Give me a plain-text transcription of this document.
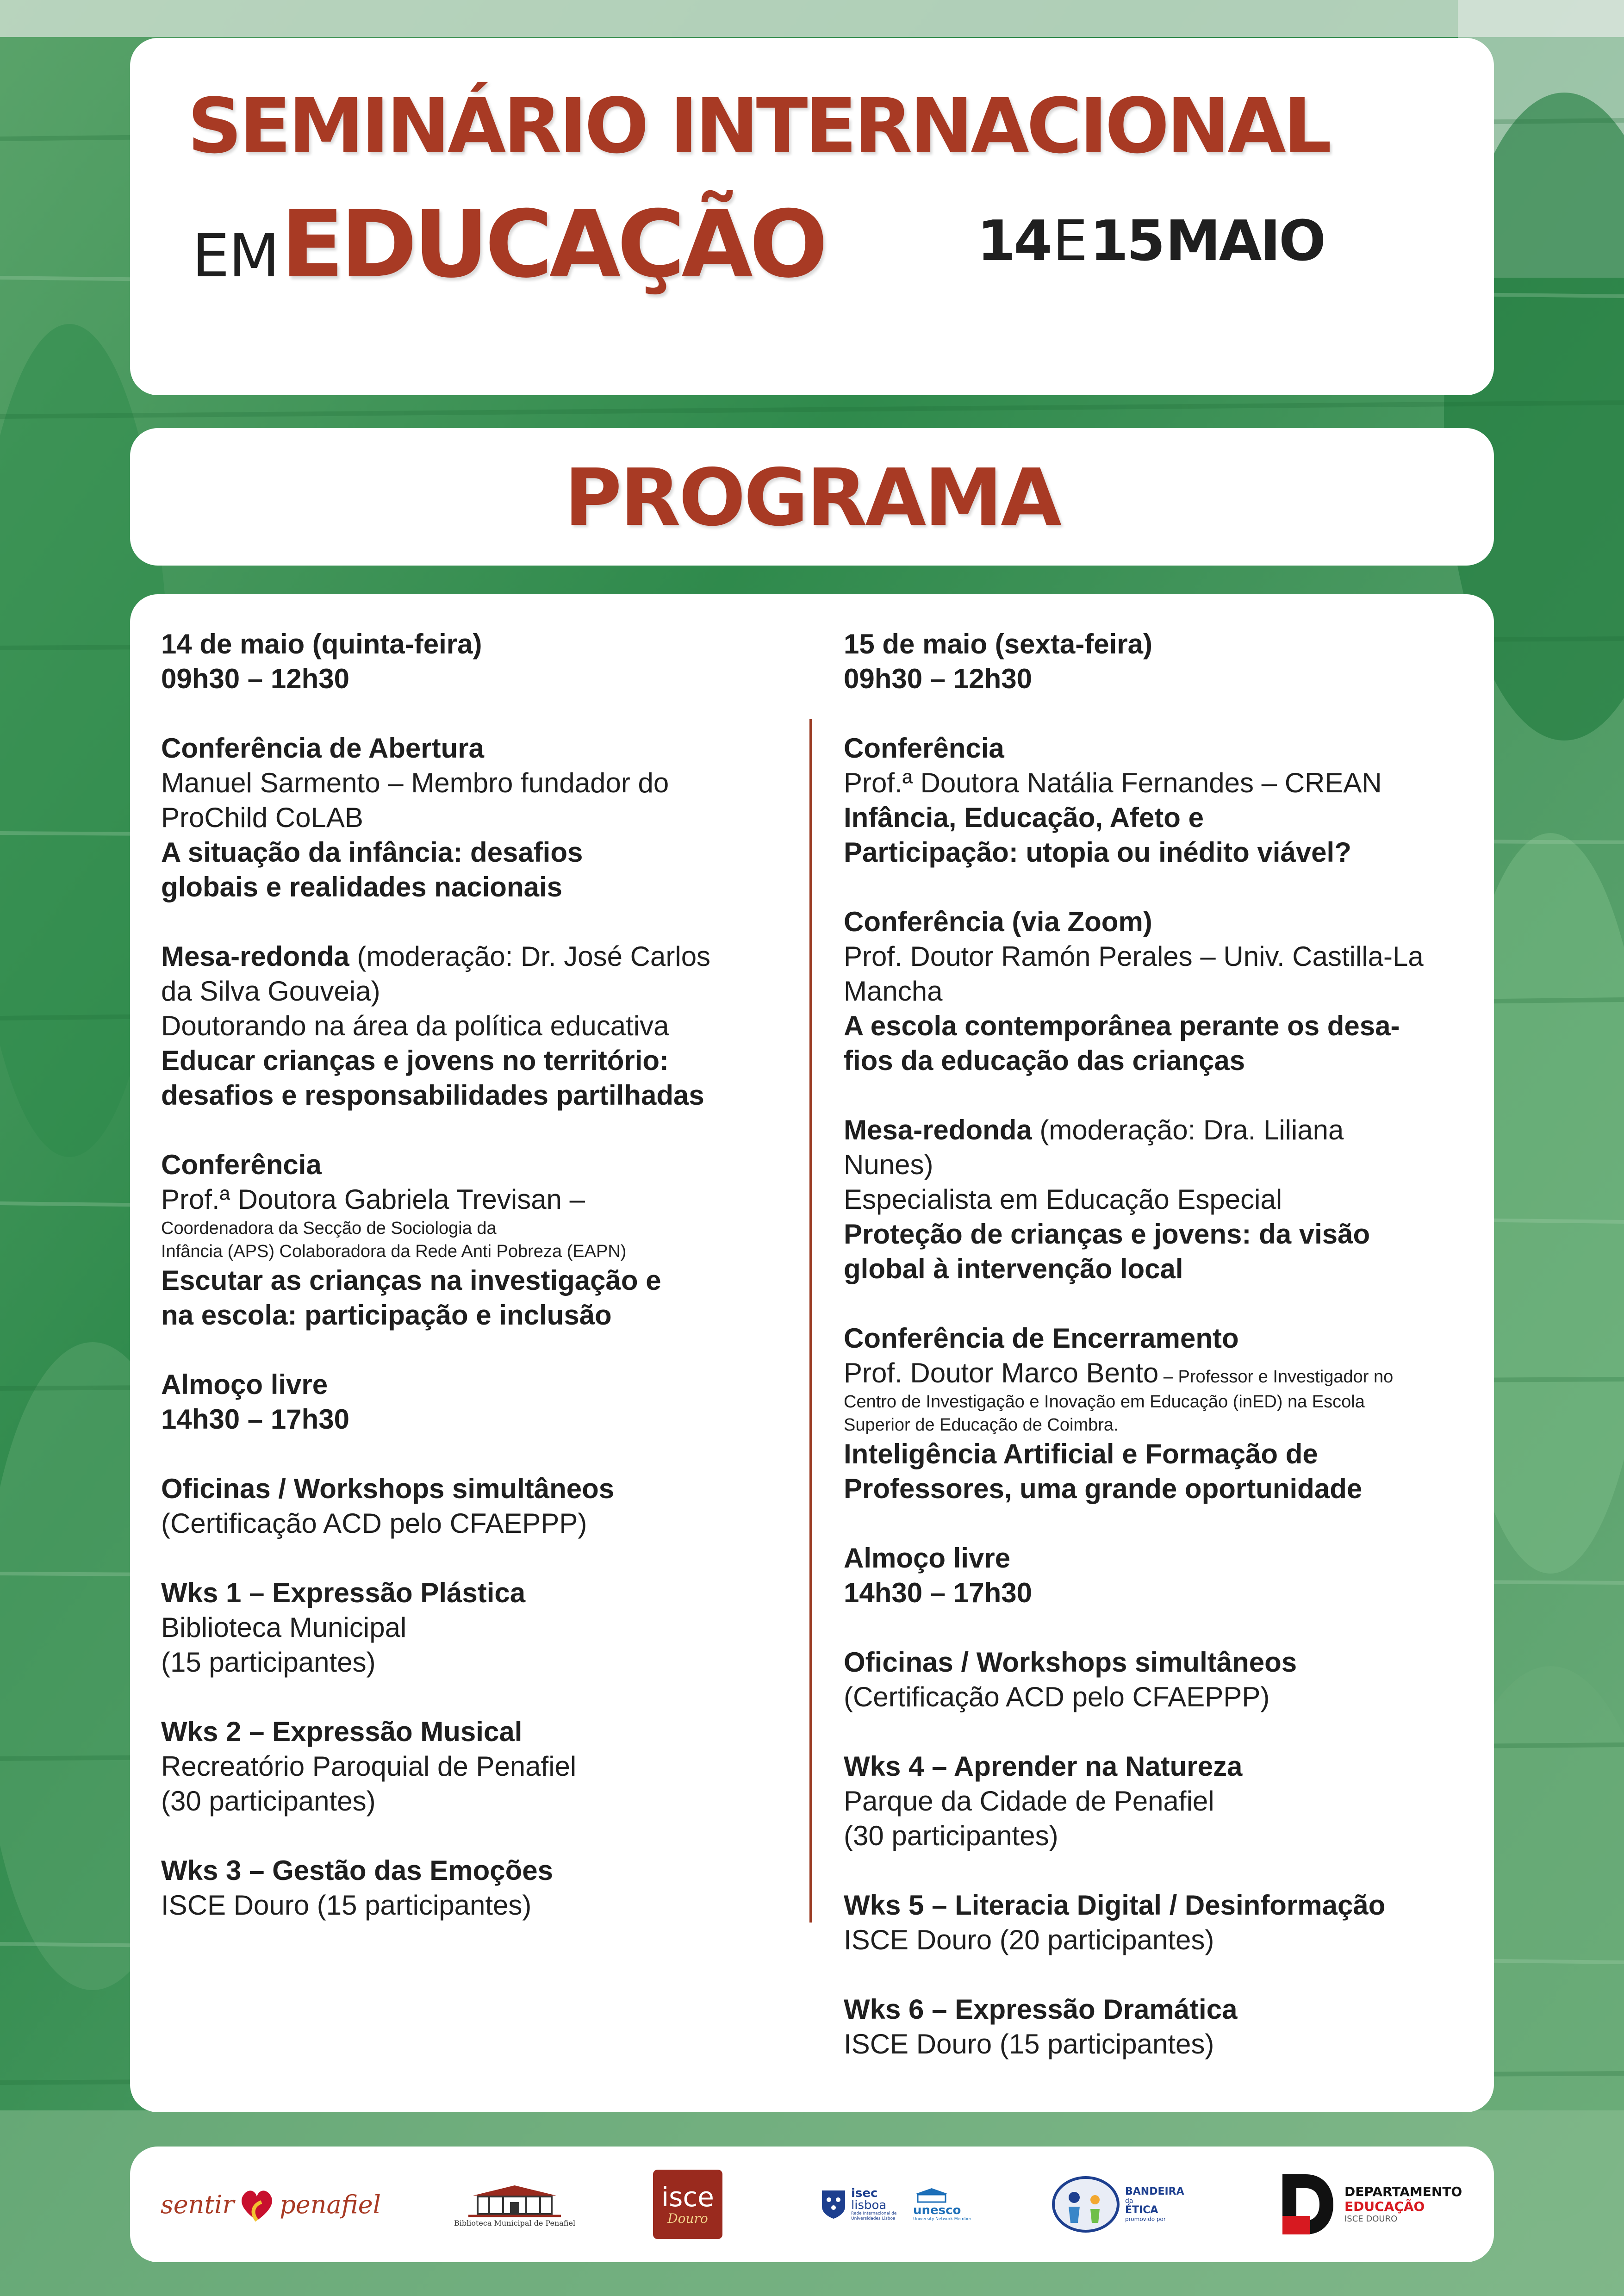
SEMINÁRIO INTERNACIONAL
EM EDUCAÇÃO	14 E 15 MAIO
PROGRAMA
14 de maio (quinta-feira)
09h30 – 12h30
Conferência de Abertura
Manuel Sarmento – Membro fundador do
ProChild CoLAB
A situação da infância: desafios
globais e realidades nacionais
Mesa-redonda (moderação: Dr. José Carlos
da Silva Gouveia)
Doutorando na área da política educativa
Educar crianças e jovens no território:
desafios e responsabilidades partilhadas
Conferência
Prof.ª Doutora Gabriela Trevisan –
Coordenadora da Secção de Sociologia da
Infância (APS) Colaboradora da Rede Anti Pobreza (EAPN)
Escutar as crianças na investigação e
na escola: participação e inclusão
Almoço livre
14h30 – 17h30
Oficinas / Workshops simultâneos
(Certificação ACD pelo CFAEPPP)
Wks 1 – Expressão Plástica
Biblioteca Municipal
(15 participantes)
Wks 2 – Expressão Musical
Recreatório Paroquial de Penafiel
(30 participantes)
Wks 3 – Gestão das Emoções
ISCE Douro (15 participantes)
15 de maio (sexta-feira)
09h30 – 12h30
Conferência
Prof.ª Doutora Natália Fernandes – CREAN
Infância, Educação, Afeto e
Participação: utopia ou inédito viável?
Conferência (via Zoom)
Prof. Doutor Ramón Perales – Univ. Castilla-La
Mancha
A escola contemporânea perante os desa-
fios da educação das crianças
Mesa-redonda (moderação: Dra. Liliana
Nunes)
Especialista em Educação Especial
Proteção de crianças e jovens: da visão
global à intervenção local
Conferência de Encerramento
Prof. Doutor Marco Bento – Professor e Investigador no
Centro de Investigação e Inovação em Educação (inED) na Escola
Superior de Educação de Coimbra.
Inteligência Artificial e Formação de
Professores, uma grande oportunidade
Almoço livre
14h30 – 17h30
Oficinas / Workshops simultâneos
(Certificação ACD pelo CFAEPPP)
Wks 4 – Aprender na Natureza
Parque da Cidade de Penafiel
(30 participantes)
Wks 5 – Literacia Digital / Desinformação
ISCE Douro (20 participantes)
Wks 6 – Expressão Dramática
ISCE Douro (15 participantes)
sentir penafiel
Biblioteca Municipal de Penafiel
isce
Douro
isec
lisboa
Rede Internacional de Universidades Lisboa
unesco
University Network Member
BANDEIRA
da
ÉTICA
promovido por
DEPARTAMENTO
EDUCAÇÃO
ISCE DOURO
